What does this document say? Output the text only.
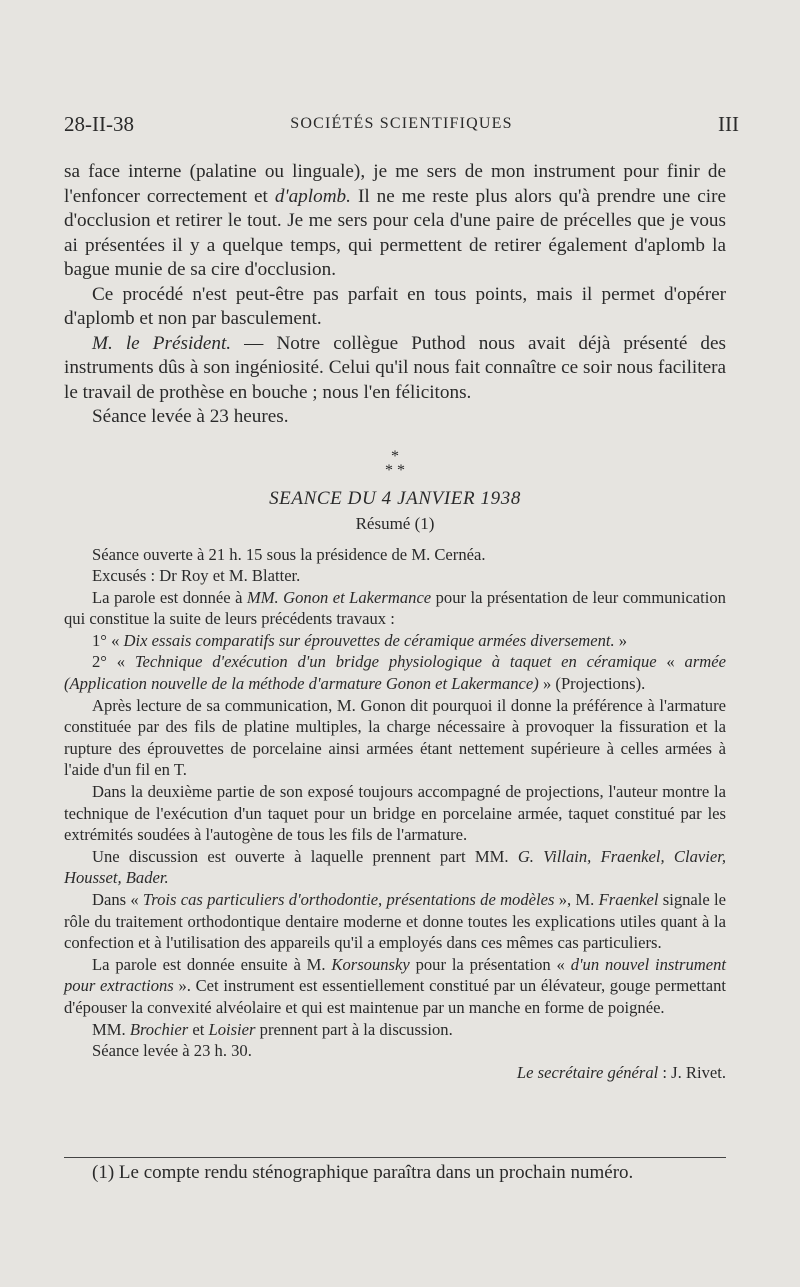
28-II-38	SOCIÉTÉS SCIENTIFIQUES	III

sa face interne (palatine ou linguale), je me sers de mon instrument pour finir de l'enfoncer correctement et d'aplomb. Il ne me reste plus alors qu'à prendre une cire d'occlusion et retirer le tout. Je me sers pour cela d'une paire de précelles que je vous ai présentées il y a quelque temps, qui permettent de retirer également d'aplomb la bague munie de sa cire d'occlusion.

Ce procédé n'est peut-être pas parfait en tous points, mais il permet d'opérer d'aplomb et non par basculement.

M. le Président. — Notre collègue Puthod nous avait déjà présenté des instruments dûs à son ingéniosité. Celui qu'il nous fait connaître ce soir nous facilitera le travail de prothèse en bouche ; nous l'en félicitons.

Séance levée à 23 heures.

*
* *
SEANCE DU 4 JANVIER 1938
Résumé (1)

Séance ouverte à 21 h. 15 sous la présidence de M. Cernéa.

Excusés : Dr Roy et M. Blatter.

La parole est donnée à MM. Gonon et Lakermance pour la présentation de leur communication qui constitue la suite de leurs précédents travaux :

1° « Dix essais comparatifs sur éprouvettes de céramique armées diversement. »

2° « Technique d'exécution d'un bridge physiologique à taquet en céramique « armée (Application nouvelle de la méthode d'armature Gonon et Lakermance) » (Projections).

Après lecture de sa communication, M. Gonon dit pourquoi il donne la préférence à l'armature constituée par des fils de platine multiples, la charge nécessaire à provoquer la fissuration et la rupture des éprouvettes de porcelaine ainsi armées étant nettement supérieure à celles armées à l'aide d'un fil en T.

Dans la deuxième partie de son exposé toujours accompagné de projections, l'auteur montre la technique de l'exécution d'un taquet pour un bridge en porcelaine armée, taquet constitué par les extrémités soudées à l'autogène de tous les fils de l'armature.

Une discussion est ouverte à laquelle prennent part MM. G. Villain, Fraenkel, Clavier, Housset, Bader.

Dans « Trois cas particuliers d'orthodontie, présentations de modèles », M. Fraenkel signale le rôle du traitement orthodontique dentaire moderne et donne toutes les explications utiles quant à la confection et à l'utilisation des appareils qu'il a employés dans ces mêmes cas particuliers.

La parole est donnée ensuite à M. Korsounsky pour la présentation « d'un nouvel instrument pour extractions ». Cet instrument est essentiellement constitué par un élévateur, gouge permettant d'épouser la convexité alvéolaire et qui est maintenue par un manche en forme de poignée.

MM. Brochier et Loisier prennent part à la discussion.

Séance levée à 23 h. 30.

Le secrétaire général : J. Rivet.

(1) Le compte rendu sténographique paraîtra dans un prochain numéro.
